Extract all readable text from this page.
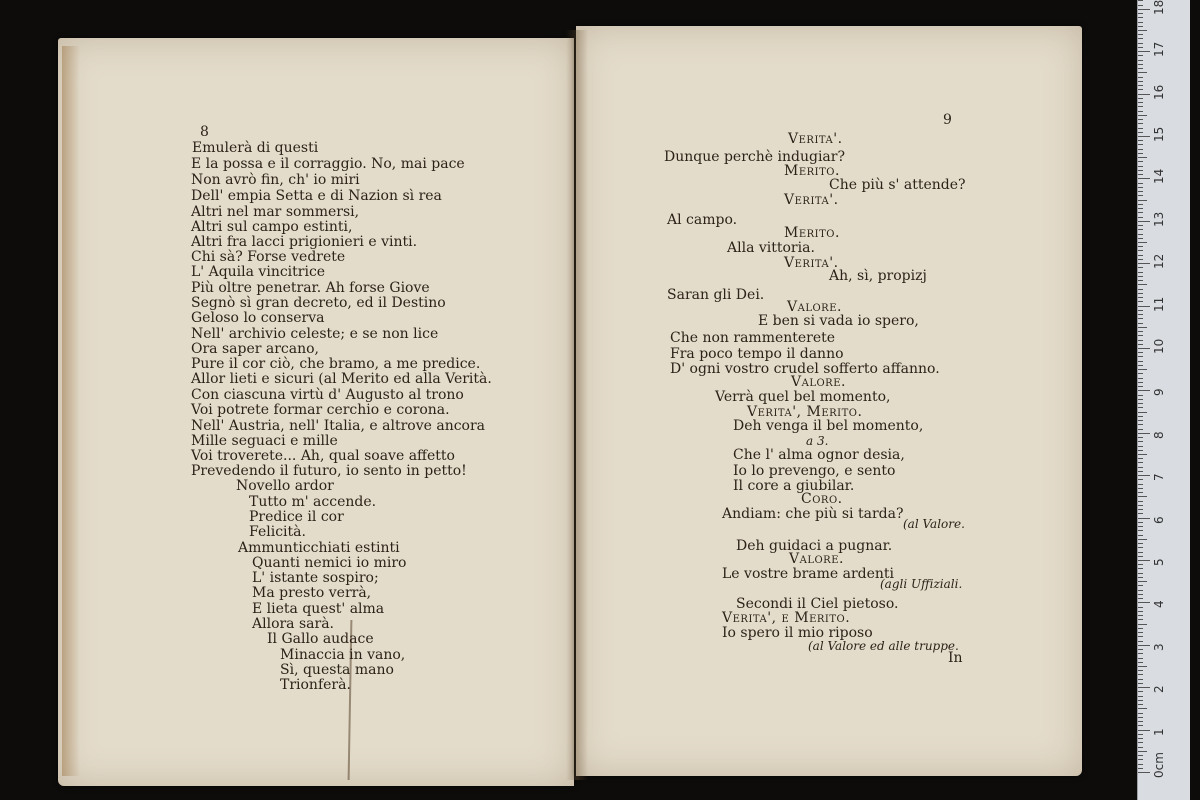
8
Emulerà di questi
E la possa e il corraggio. No, mai pace
Non avrò fin, ch' io miri
Dell' empia Setta e di Nazion sì rea
Altri nel mar sommersi,
Altri sul campo estinti,
Altri fra lacci prigionieri e vinti.
Chi sà? Forse vedrete
L' Aquila vincitrice
Più oltre penetrar. Ah forse Giove
Segnò sì gran decreto, ed il Destino
Geloso lo conserva
Nell' archivio celeste; e se non lice
Ora saper arcano,
Pure il cor ciò, che bramo, a me predice.
Allor lieti e sicuri (al Merito ed alla Verità.
Con ciascuna virtù d' Augusto al trono
Voi potrete formar cerchio e corona.
Nell' Austria, nell' Italia, e altrove ancora
Mille seguaci e mille
Voi troverete... Ah, qual soave affetto
Prevedendo il futuro, io sento in petto!
Novello ardor
Tutto m' accende.
Predice il cor
Felicità.
Ammunticchiati estinti
Quanti nemici io miro
L' istante sospiro;
Ma presto verrà,
E lieta quest' alma
Allora sarà.
Il Gallo audace
Minaccia in vano,
Sì, questa mano
Trionferà.
9
Verita'.
Dunque perchè indugiar?
Merito.
Che più s' attende?
Verita'.
Al campo.
Merito.
Alla vittoria.
Verita'.
Ah, sì, propizj
Saran gli Dei.
Valore.
E ben si vada io spero,
Che non rammenterete
Fra poco tempo il danno
D' ogni vostro crudel sofferto affanno.
Valore.
Verrà quel bel momento,
Verita', Merito.
Deh venga il bel momento,
a 3.
Che l' alma ognor desia,
Io lo prevengo, e sento
Il core a giubilar.
Coro.
Andiam: che più si tarda?
(al Valore.
Deh guidaci a pugnar.
Valore.
Le vostre brame ardenti
(agli Uffiziali.
Secondi il Ciel pietoso.
Verita', e Merito.
Io spero il mio riposo
(al Valore ed alle truppe.
In
0cm
1
2
3
4
5
6
7
8
9
10
11
12
13
14
15
16
17
18
